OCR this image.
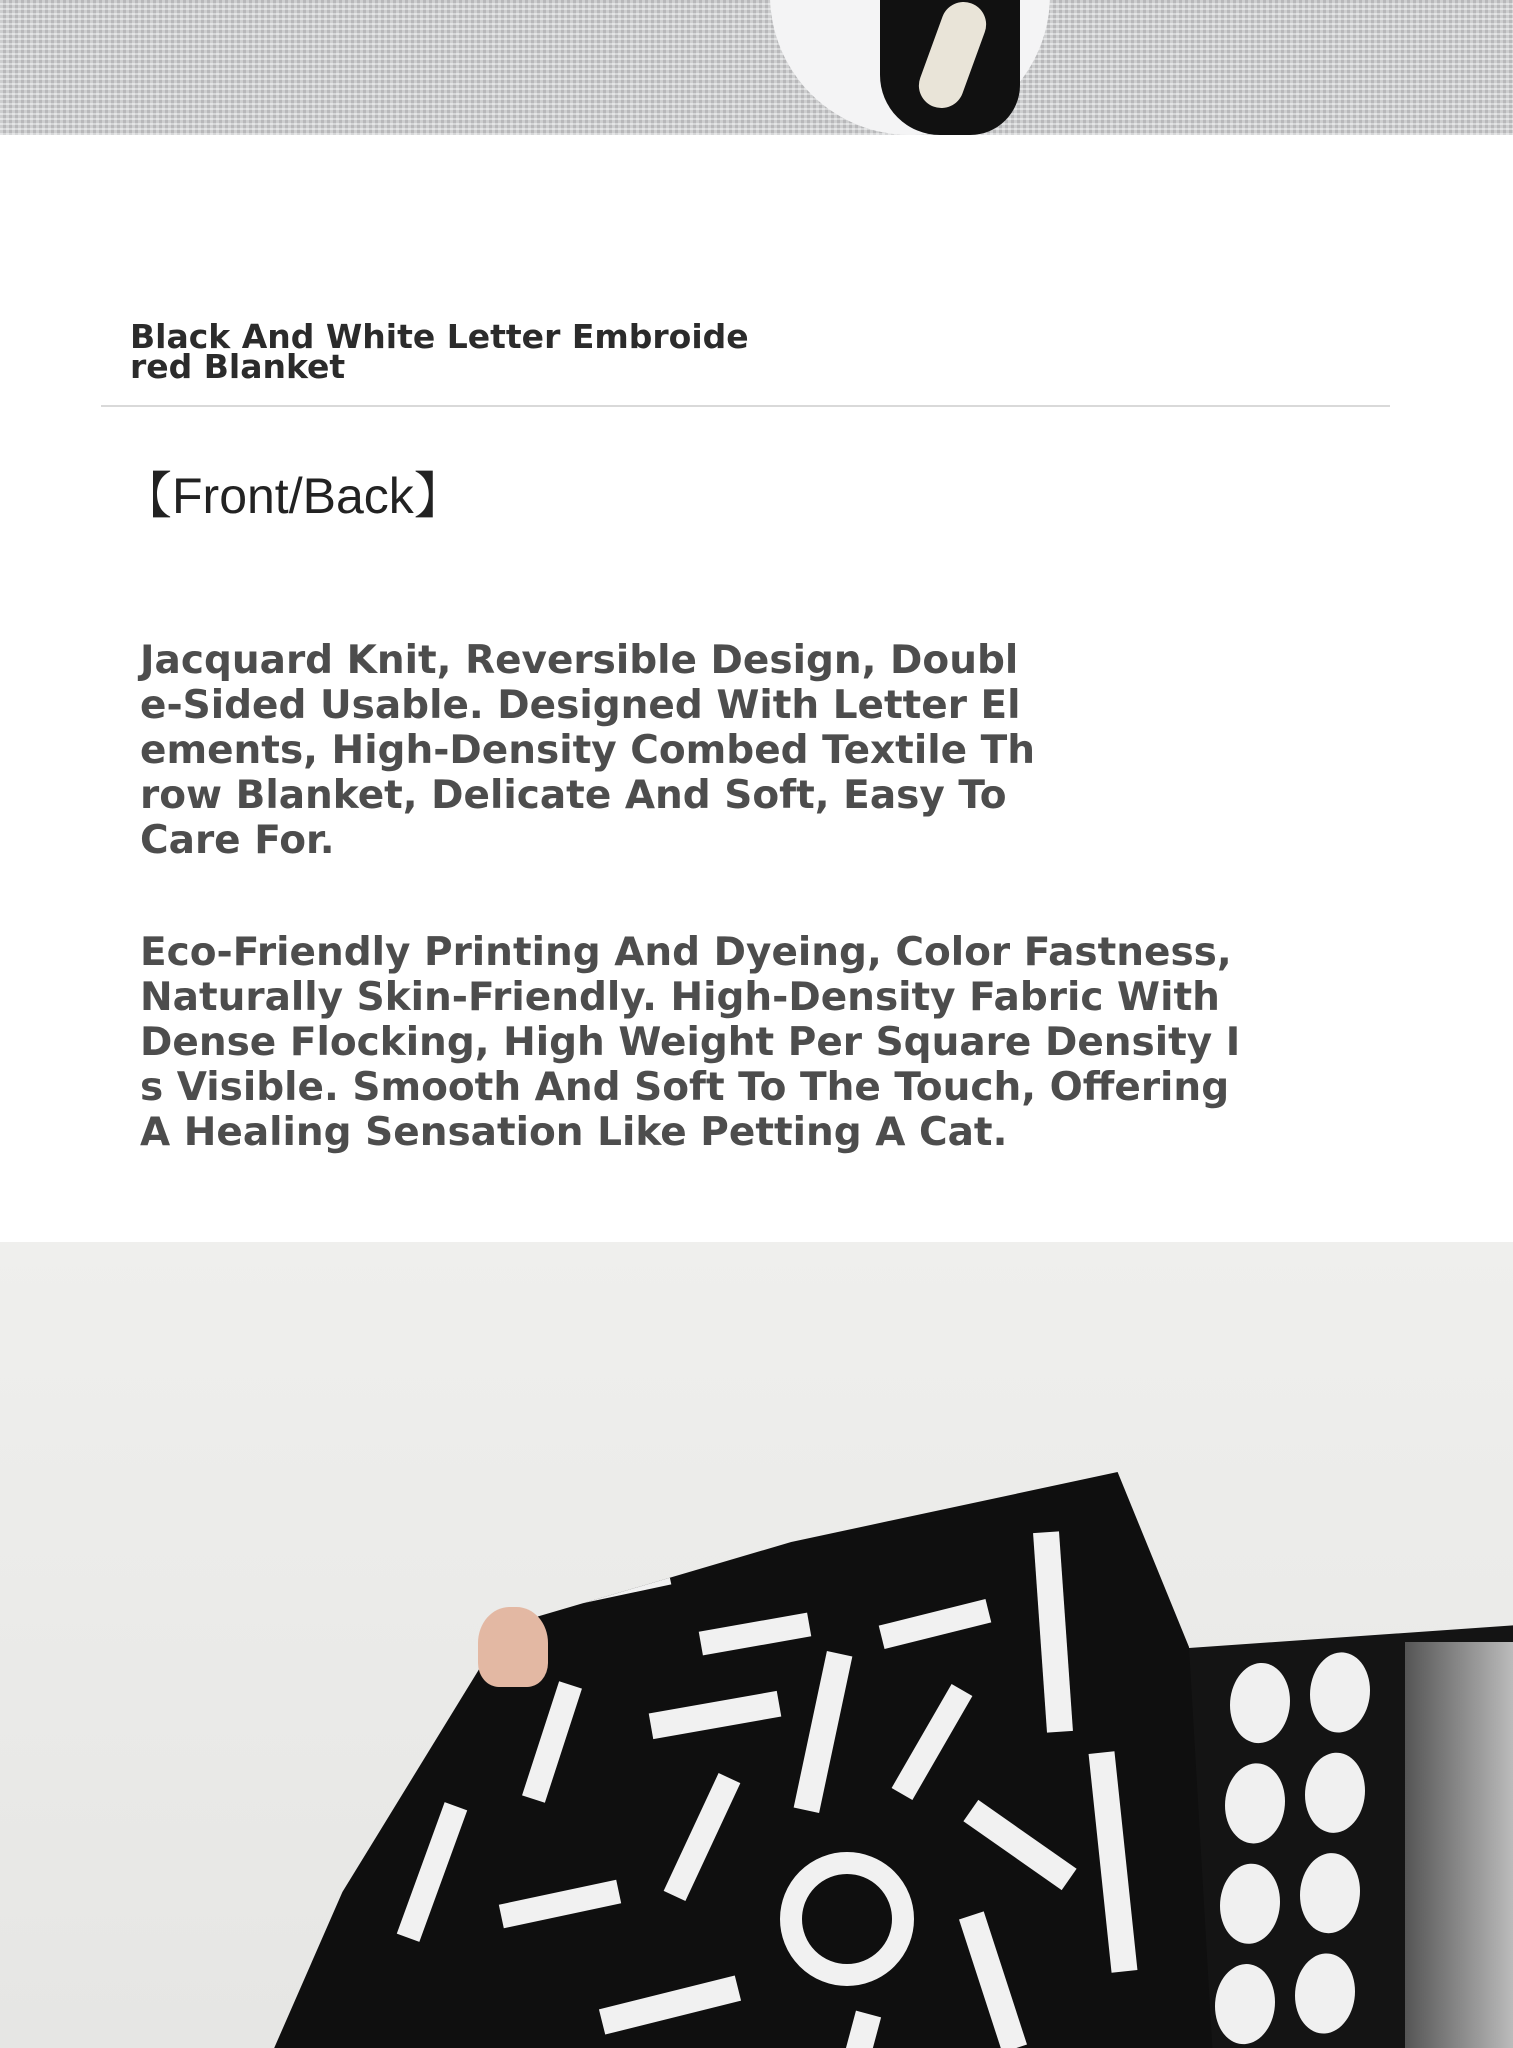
Black And White Letter Embroidered Blanket
【Front/Back】

Jacquard Knit, Reversible Design, Double-Sided Usable. Designed With Letter Elements, High-Density Combed Textile Throw Blanket, Delicate And Soft, Easy To Care For.

Eco-Friendly Printing And Dyeing, Color Fastness, Naturally Skin-Friendly. High-Density Fabric With Dense Flocking, High Weight Per Square Density Is Visible. Smooth And Soft To The Touch, Offering A Healing Sensation Like Petting A Cat.
